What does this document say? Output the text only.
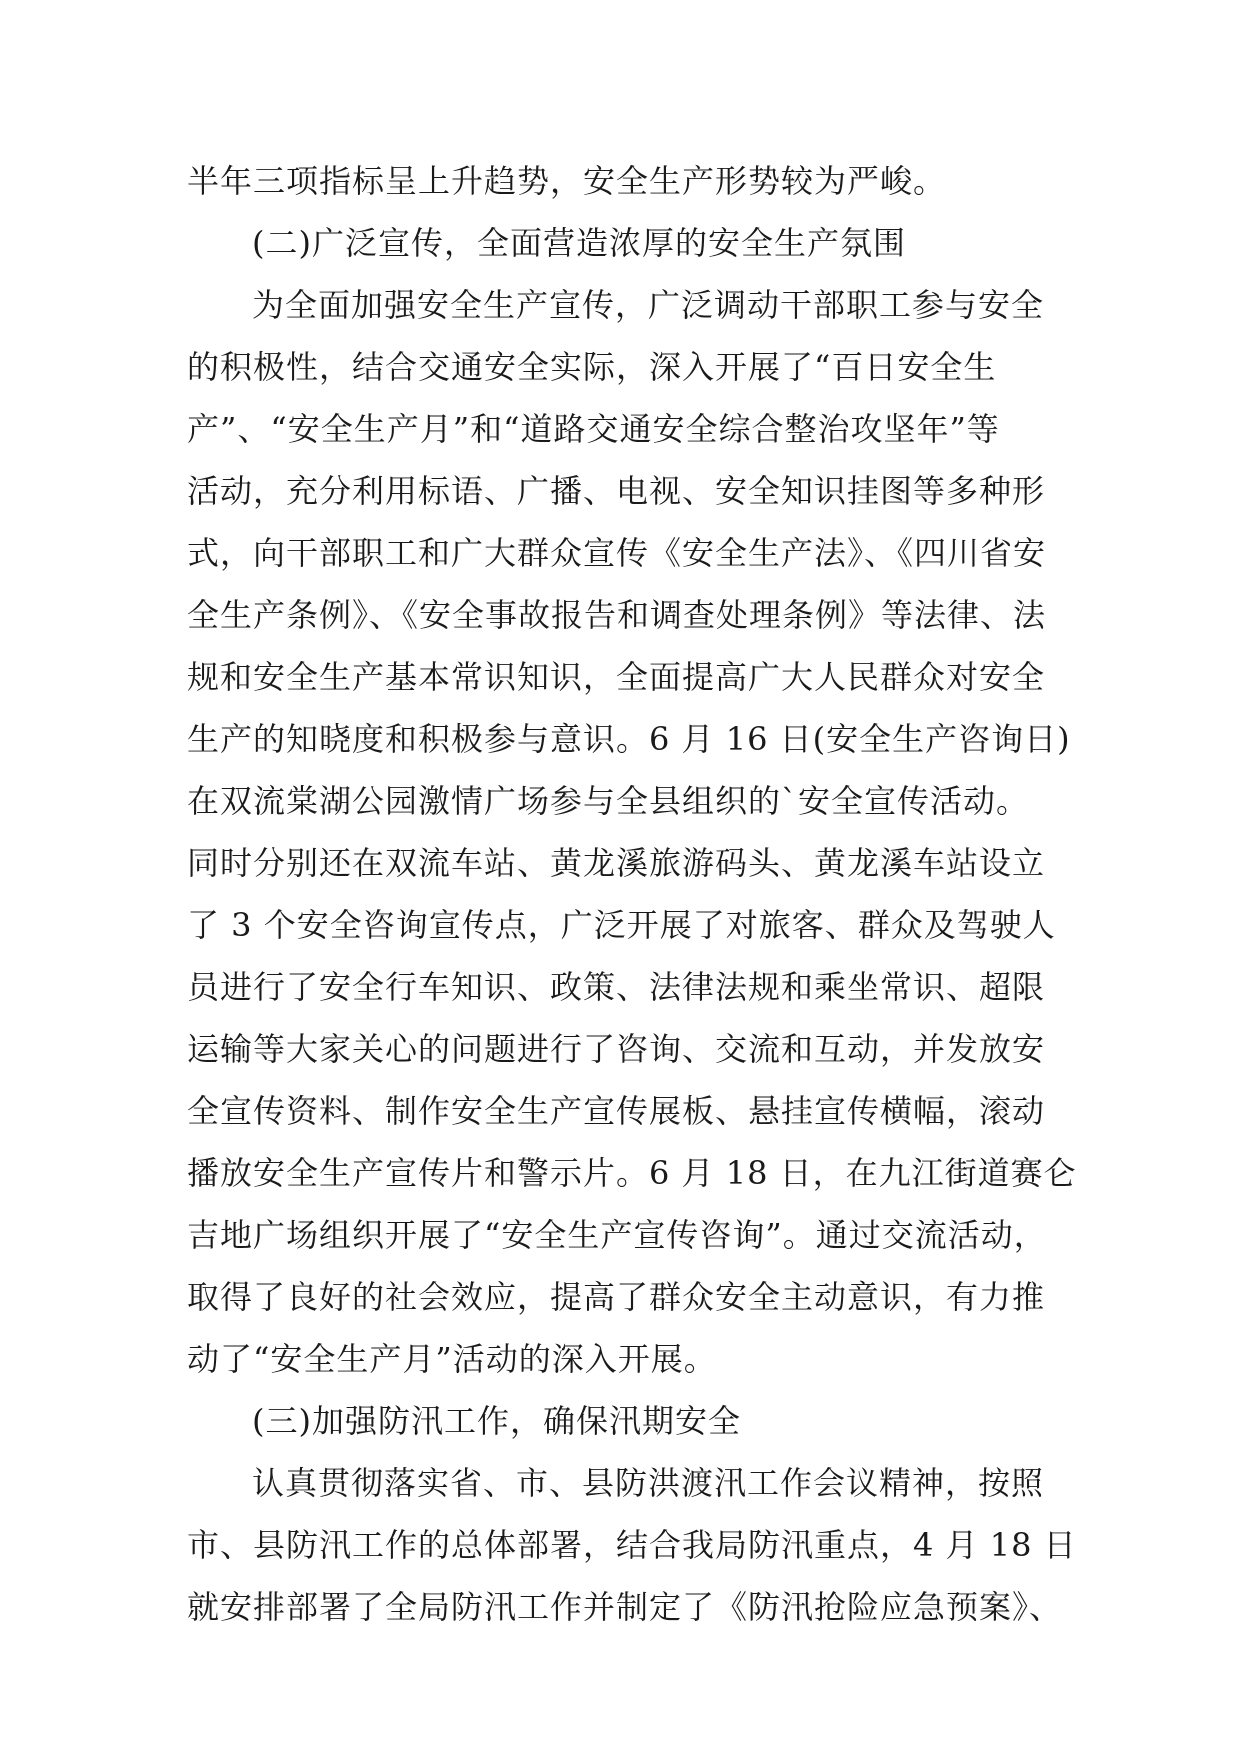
半年三项指标呈上升趋势，安全生产形势较为严峻。
(二)广泛宣传，全面营造浓厚的安全生产氛围
为全面加强安全生产宣传，广泛调动干部职工参与安全
的积极性，结合交通安全实际，深入开展了“百日安全生
产”、“安全生产月”和“道路交通安全综合整治攻坚年”等
活动，充分利用标语、广播、电视、安全知识挂图等多种形
式，向干部职工和广大群众宣传《安全生产法》、《四川省安
全生产条例》、《安全事故报告和调查处理条例》等法律、法
规和安全生产基本常识知识，全面提高广大人民群众对安全
生产的知晓度和积极参与意识。6 月 16 日(安全生产咨询日)
在双流棠湖公园激情广场参与全县组织的`安全宣传活动。
同时分别还在双流车站、黄龙溪旅游码头、黄龙溪车站设立
了 3 个安全咨询宣传点，广泛开展了对旅客、群众及驾驶人
员进行了安全行车知识、政策、法律法规和乘坐常识、超限
运输等大家关心的问题进行了咨询、交流和互动，并发放安
全宣传资料、制作安全生产宣传展板、悬挂宣传横幅，滚动
播放安全生产宣传片和警示片。6 月 18 日，在九江街道赛仑
吉地广场组织开展了“安全生产宣传咨询”。通过交流活动，
取得了良好的社会效应，提高了群众安全主动意识，有力推
动了“安全生产月”活动的深入开展。
(三)加强防汛工作，确保汛期安全
认真贯彻落实省、市、县防洪渡汛工作会议精神，按照
市、县防汛工作的总体部署，结合我局防汛重点，4 月 18 日
就安排部署了全局防汛工作并制定了《防汛抢险应急预案》、
